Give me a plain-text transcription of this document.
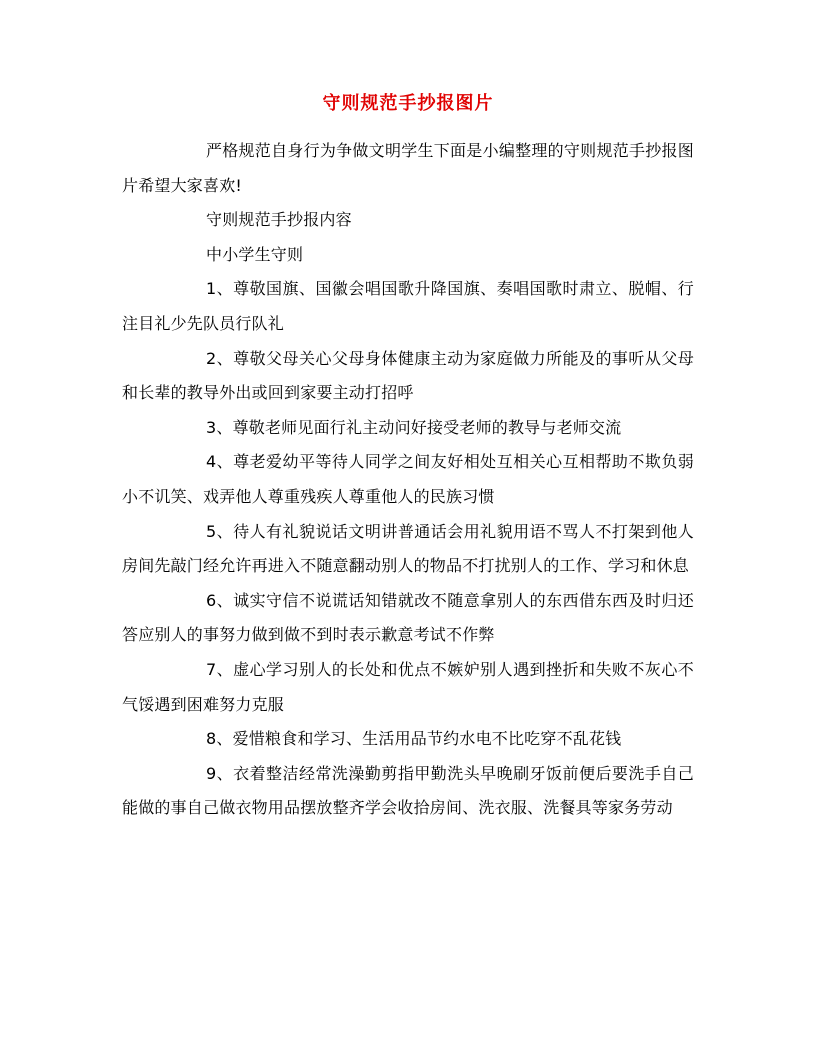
守则规范手抄报图片

严格规范自身行为争做文明学生下面是小编整理的守则规范手抄报图片希望大家喜欢!

守则规范手抄报内容

中小学生守则

1、尊敬国旗、国徽会唱国歌升降国旗、奏唱国歌时肃立、脱帽、行注目礼少先队员行队礼

2、尊敬父母关心父母身体健康主动为家庭做力所能及的事听从父母和长辈的教导外出或回到家要主动打招呼

3、尊敬老师见面行礼主动问好接受老师的教导与老师交流

4、尊老爱幼平等待人同学之间友好相处互相关心互相帮助不欺负弱小不讥笑、戏弄他人尊重残疾人尊重他人的民族习惯

5、待人有礼貌说话文明讲普通话会用礼貌用语不骂人不打架到他人房间先敲门经允许再进入不随意翻动别人的物品不打扰别人的工作、学习和休息

6、诚实守信不说谎话知错就改不随意拿别人的东西借东西及时归还答应别人的事努力做到做不到时表示歉意考试不作弊

7、虚心学习别人的长处和优点不嫉妒别人遇到挫折和失败不灰心不气馁遇到困难努力克服

8、爱惜粮食和学习、生活用品节约水电不比吃穿不乱花钱

9、衣着整洁经常洗澡勤剪指甲勤洗头早晚刷牙饭前便后要洗手自己能做的事自己做衣物用品摆放整齐学会收拾房间、洗衣服、洗餐具等家务劳动
